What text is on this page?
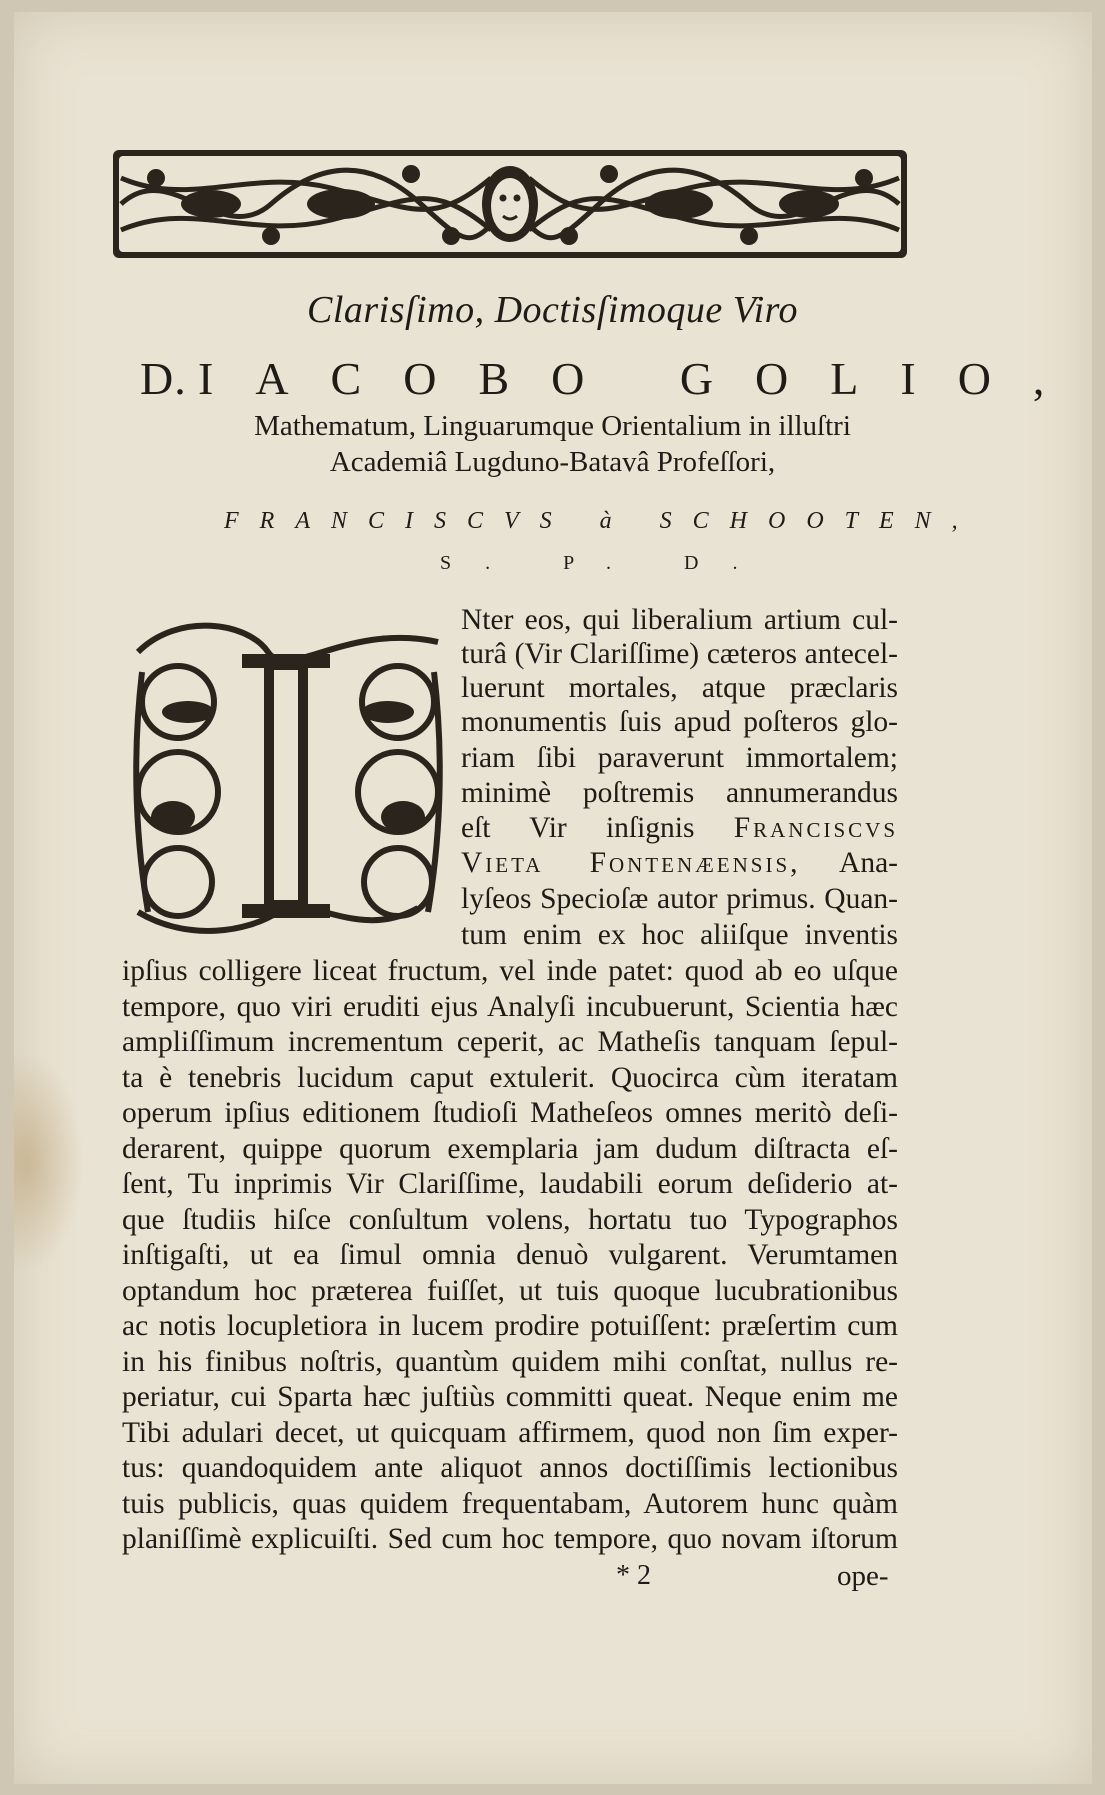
Clarisſimo, Doctisſimoque Viro
D. IACOBO GOLIO,
Mathematum, Linguarumque Orientalium in illuſtri
Academiâ Lugduno-Batavâ Profeſſori,
FRANCISCVS à SCHOOTEN,
S. P. D.
Nter eos, qui liberalium artium cul-
turâ (Vir Clariſſime) cæteros antecel-
luerunt mortales, atque præclaris
monumentis ſuis apud poſteros glo-
riam ſibi paraverunt immortalem;
minimè poſtremis annumerandus
eſt Vir inſignis Franciscvs
Vieta Fontenæensis, Ana-
lyſeos Specioſæ autor primus. Quan-
tum enim ex hoc aliiſque inventis
ipſius colligere liceat fructum, vel inde patet: quod ab eo uſque
tempore, quo viri eruditi ejus Analyſi incubuerunt, Scientia hæc
ampliſſimum incrementum ceperit, ac Matheſis tanquam ſepul-
ta è tenebris lucidum caput extulerit. Quocirca cùm iteratam
operum ipſius editionem ſtudioſi Matheſeos omnes meritò deſi-
derarent, quippe quorum exemplaria jam dudum diſtracta eſ-
ſent, Tu inprimis Vir Clariſſime, laudabili eorum deſiderio at-
que ſtudiis hiſce conſultum volens, hortatu tuo Typographos
inſtigaſti, ut ea ſimul omnia denuò vulgarent. Verumtamen
optandum hoc præterea fuiſſet, ut tuis quoque lucubrationibus
ac notis locupletiora in lucem prodire potuiſſent: præſertim cum
in his finibus noſtris, quantùm quidem mihi conſtat, nullus re-
periatur, cui Sparta hæc juſtiùs committi queat. Neque enim me
Tibi adulari decet, ut quicquam affirmem, quod non ſim exper-
tus: quandoquidem ante aliquot annos doctiſſimis lectionibus
tuis publicis, quas quidem frequentabam, Autorem hunc quàm
planiſſimè explicuiſti. Sed cum hoc tempore, quo novam iſtorum
* 2	ope-
